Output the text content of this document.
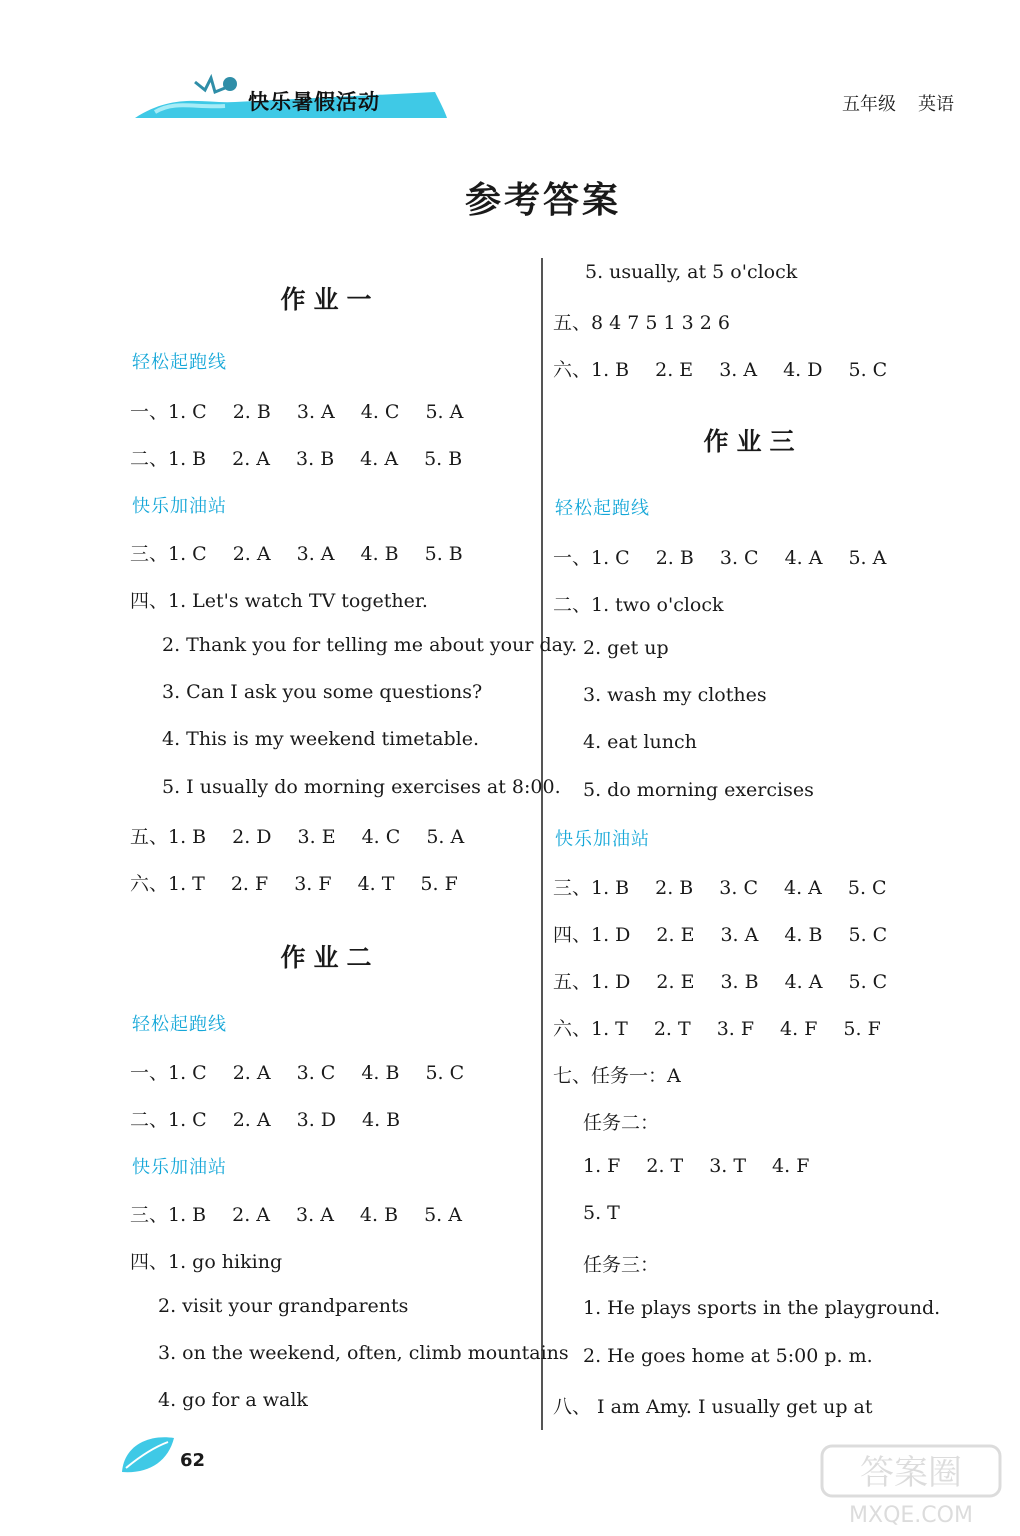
快乐暑假活动	五年级 英语
参考答案
作业一
轻松起跑线
一、1. C 2. B 3. A 4. C 5. A
二、1. B 2. A 3. B 4. A 5. B
快乐加油站
三、1. C 2. A 3. A 4. B 5. B
四、1. Let's watch TV together.
2. Thank you for telling me about your day.
3. Can I ask you some questions?
4. This is my weekend timetable.
5. I usually do morning exercises at 8:00.
五、1. B 2. D 3. E 4. C 5. A
六、1. T 2. F 3. F 4. T 5. F
作业二
轻松起跑线
一、1. C 2. A 3. C 4. B 5. C
二、1. C 2. A 3. D 4. B
快乐加油站
三、1. B 2. A 3. A 4. B 5. A
四、1. go hiking
2. visit your grandparents
3. on the weekend, often, climb mountains
4. go for a walk
5. usually, at 5 o'clock
五、8 4 7 5 1 3 2 6
六、1. B 2. E 3. A 4. D 5. C
作业三
轻松起跑线
一、1. C 2. B 3. C 4. A 5. A
二、1. two o'clock
2. get up
3. wash my clothes
4. eat lunch
5. do morning exercises
快乐加油站
三、1. B 2. B 3. C 4. A 5. C
四、1. D 2. E 3. A 4. B 5. C
五、1. D 2. E 3. B 4. A 5. C
六、1. T 2. T 3. F 4. F 5. F
七、任务一：A
任务二：
1. F 2. T 3. T 4. F
5. T
任务三：
1. He plays sports in the playground.
2. He goes home at 5:00 p. m.
八、 I am Amy. I usually get up at
62	答案圈
MXQE.COM
